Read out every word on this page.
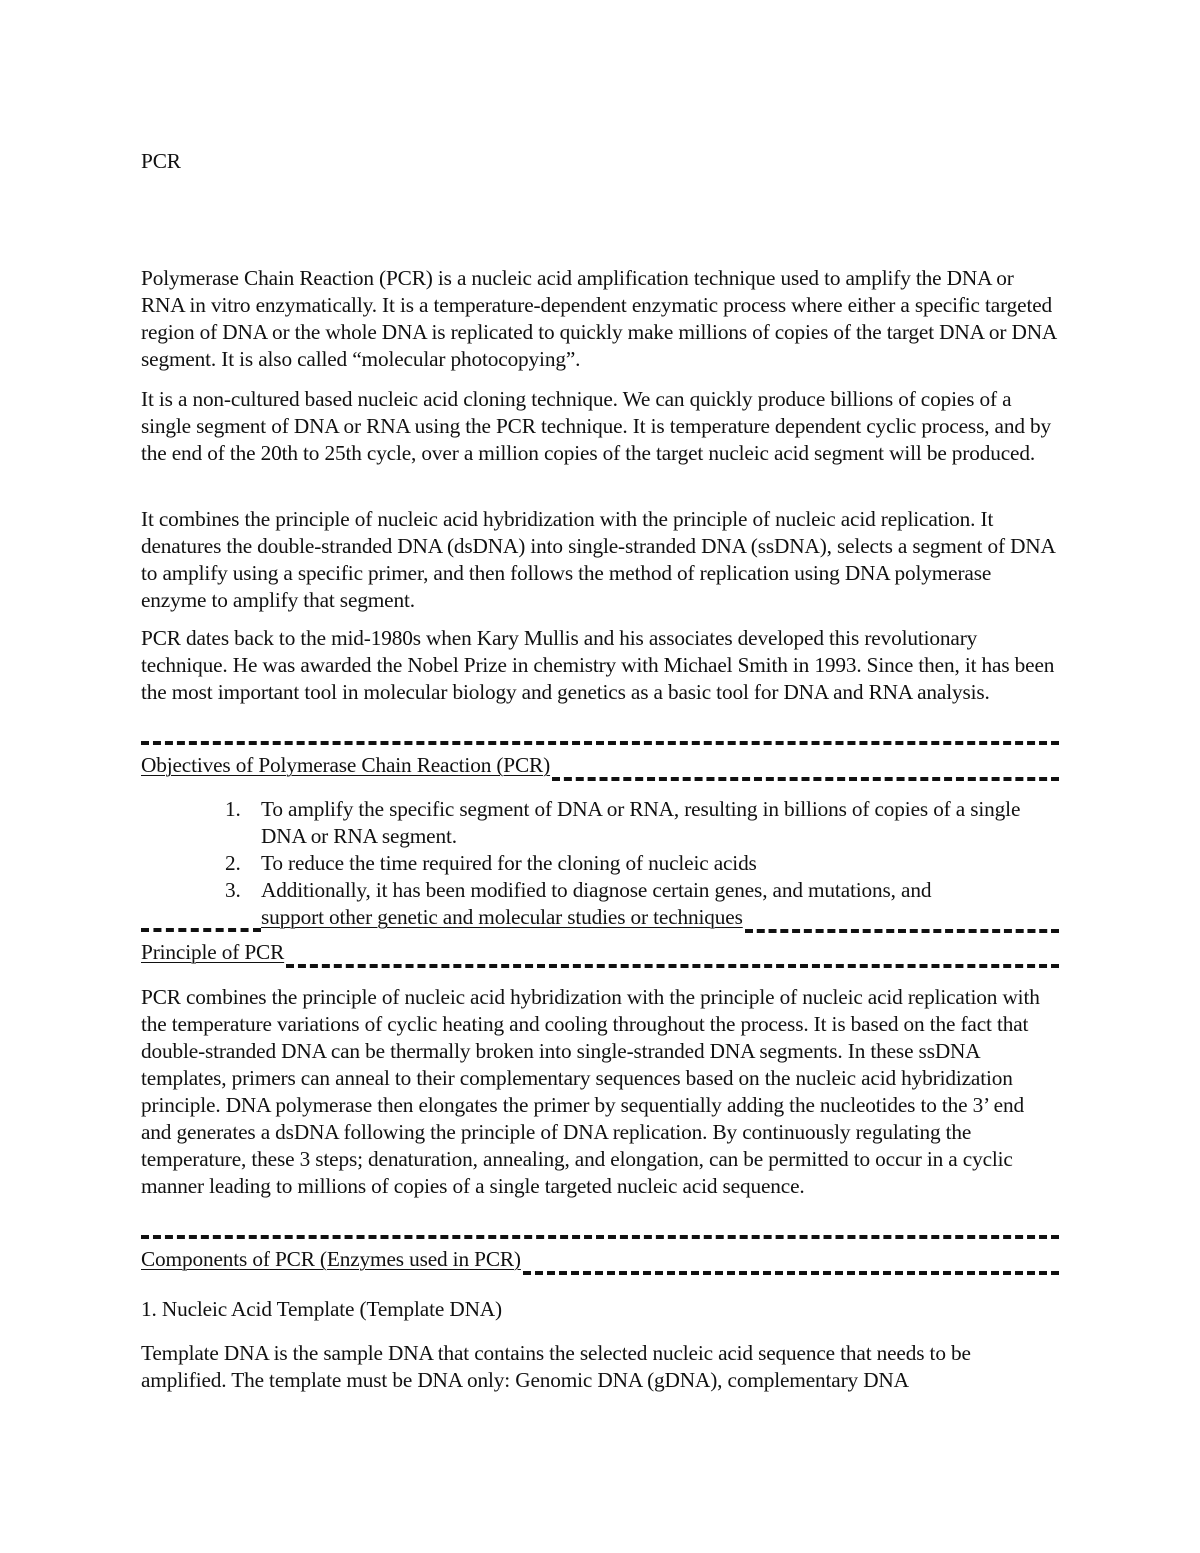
PCR

Polymerase Chain Reaction (PCR) is a nucleic acid amplification technique used to amplify the DNA or RNA in vitro enzymatically. It is a temperature-dependent enzymatic process where either a specific targeted region of DNA or the whole DNA is replicated to quickly make millions of copies of the target DNA or DNA segment. It is also called “molecular photocopying”.

It is a non-cultured based nucleic acid cloning technique. We can quickly produce billions of copies of a single segment of DNA or RNA using the PCR technique. It is temperature dependent cyclic process, and by the end of the 20th to 25th cycle, over a million copies of the target nucleic acid segment will be produced.

It combines the principle of nucleic acid hybridization with the principle of nucleic acid replication. It denatures the double-stranded DNA (dsDNA) into single-stranded DNA (ssDNA), selects a segment of DNA to amplify using a specific primer, and then follows the method of replication using DNA polymerase enzyme to amplify that segment.

PCR dates back to the mid-1980s when Kary Mullis and his associates developed this revolutionary technique. He was awarded the Nobel Prize in chemistry with Michael Smith in 1993. Since then, it has been the most important tool in molecular biology and genetics as a basic tool for DNA and RNA analysis.

Objectives of Polymerase Chain Reaction (PCR)
1. To amplify the specific segment of DNA or RNA, resulting in billions of copies of a single DNA or RNA segment.
2. To reduce the time required for the cloning of nucleic acids
3. Additionally, it has been modified to diagnose certain genes, and mutations, and
support other genetic and molecular studies or techniques
Principle of PCR

PCR combines the principle of nucleic acid hybridization with the principle of nucleic acid replication with the temperature variations of cyclic heating and cooling throughout the process. It is based on the fact that double-stranded DNA can be thermally broken into single-stranded DNA segments. In these ssDNA templates, primers can anneal to their complementary sequences based on the nucleic acid hybridization principle. DNA polymerase then elongates the primer by sequentially adding the nucleotides to the 3’ end and generates a dsDNA following the principle of DNA replication. By continuously regulating the temperature, these 3 steps; denaturation, annealing, and elongation, can be permitted to occur in a cyclic manner leading to millions of copies of a single targeted nucleic acid sequence.

Components of PCR (Enzymes used in PCR)

1. Nucleic Acid Template (Template DNA)

Template DNA is the sample DNA that contains the selected nucleic acid sequence that needs to be amplified. The template must be DNA only: Genomic DNA (gDNA), complementary DNA
